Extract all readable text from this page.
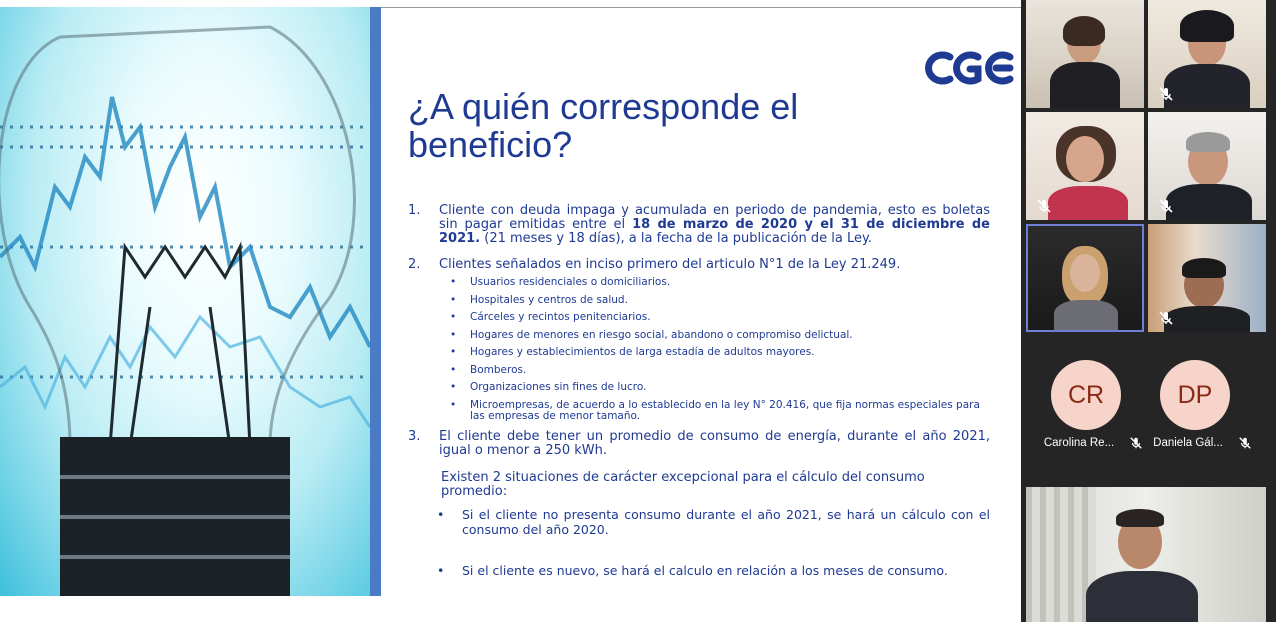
¿A quién corresponde el beneficio?
1. Cliente con deuda impaga y acumulada en periodo de pandemia, esto es boletas sin pagar emitidas entre el 18 de marzo de 2020 y el 31 de diciembre de 2021. (21 meses y 18 días), a la fecha de la publicación de la Ley.
2. Clientes señalados en inciso primero del articulo N°1 de la Ley 21.249.
• Usuarios residenciales o domiciliarios.
• Hospitales y centros de salud.
• Cárceles y recintos penitenciarios.
• Hogares de menores en riesgo social, abandono o compromiso delictual.
• Hogares y establecimientos de larga estadía de adultos mayores.
• Bomberos.
• Organizaciones sin fines de lucro.
• Microempresas, de acuerdo a lo establecido en la ley N° 20.416, que fija normas especiales para las empresas de menor tamaño.
3. El cliente debe tener un promedio de consumo de energía, durante el año 2021, igual o menor a 250 kWh.
Existen 2 situaciones de carácter excepcional para el cálculo del consumo promedio:
• Si el cliente no presenta consumo durante el año 2021, se hará un cálculo con el consumo del año 2020.
• Si el cliente es nuevo, se hará el calculo en relación a los meses de consumo.
CR
Carolina Re...
DP
Daniela Gál...
